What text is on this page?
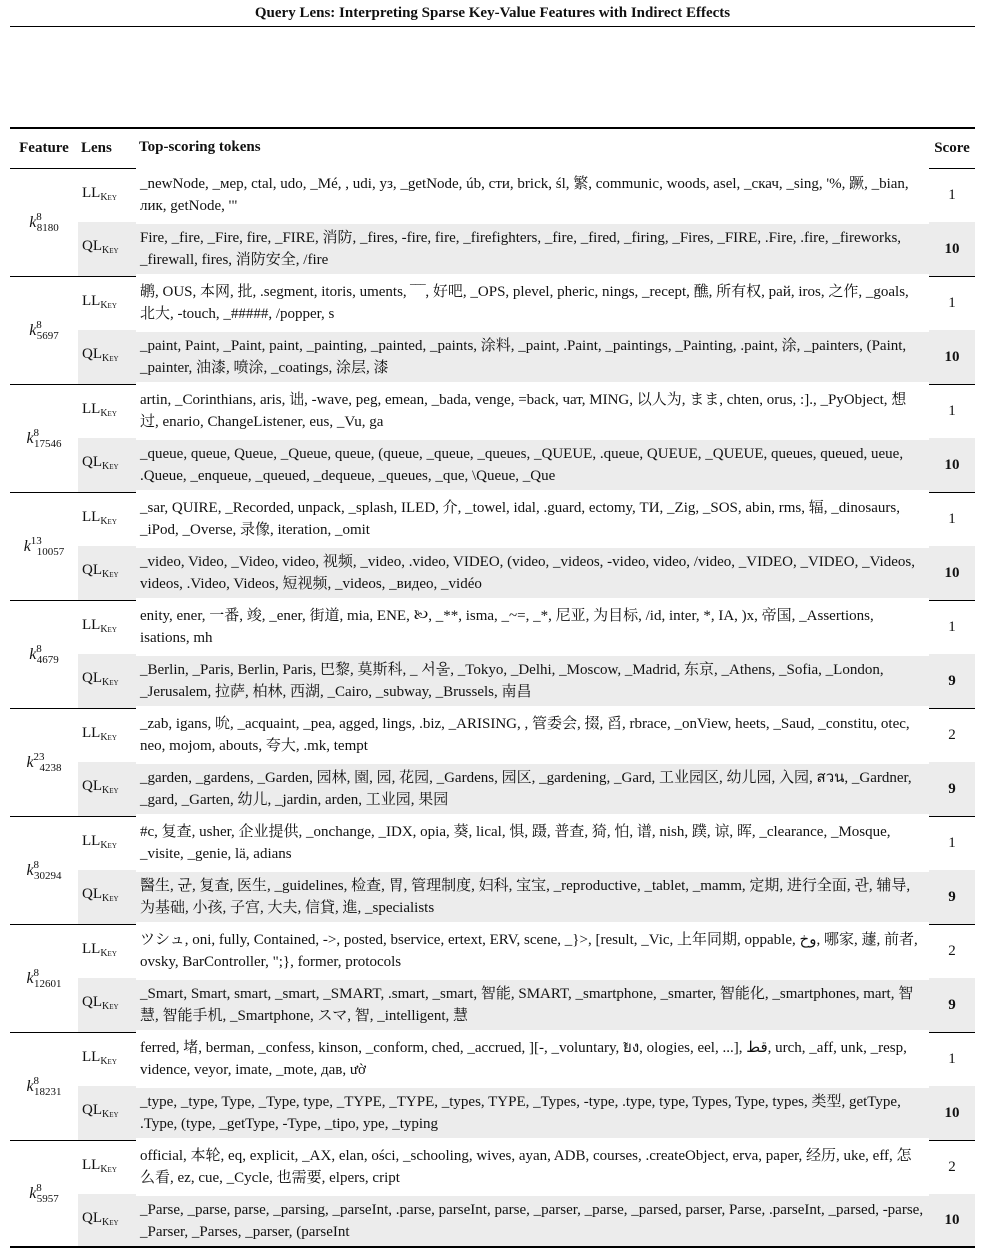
Query Lens: Interpreting Sparse Key-Value Features with Indirect Effects
Feature	Lens	Top-scoring tokens	Score
$k^8_{8180}$	$LL_{Key}$	_newNode, _мер, ctal, udo, _Mé, , udi, уз, _getNode, úb, сти, brick, śl, 繁, communic, woods, asel, _скач, _sing, '%, 蹶, _bian, лик, getNode, '"	1
	$QL_{Key}$	Fire, _fire, _Fire, fire, _FIRE, 消防, _fires, -fire, fire, _firefighters, _fire, _fired, _firing, _Fires, _FIRE, .Fire, .fire, _fireworks, _firewall, fires, 消防安全, /fire	10
$k^8_{5697}$	$LL_{Key}$	鹕, OUS, 本网, 批, .segment, itoris, uments, ‾‾‾, 好吧, _OPS, plevel, pheric, nings, _recept, 醮, 所有权, рай, iros, 之作, _goals, 北大, -touch, _#####, /popper, s	1
	$QL_{Key}$	_paint, Paint, _Paint, paint, _painting, _painted, _paints, 涂料, _paint, .Paint, _paintings, _Painting, .paint, 涂, _painters, (Paint, _painter, 油漆, 喷涂, _coatings, 涂层, 漆	10
$k^8_{17546}$	$LL_{Key}$	artin, _Corinthians, aris, 诎, -wave, peg, emean, _bada, venge, =back, чат, MING, 以人为, まま, chten, orus, :]., _PyObject, 想过, enario, ChangeListener, eus, _Vu, ga	1
	$QL_{Key}$	_queue, queue, Queue, _Queue, queue, (queue, _queue, _queues, _QUEUE, .queue, QUEUE, _QUEUE, queues, queued, ueue, .Queue, _enqueue, _queued, _dequeue, _queues, _que, \Queue, _Que	10
$k^{13}_{10057}$	$LL_{Key}$	_sar, QUIRE, _Recorded, unpack, _splash, ILED, 介, _towel, idal, .guard, ectomy, ТИ, _Zig, _SOS, abin, rms, 辐, _dinosaurs, _iPod, _Overse, 录像, iteration, _omit	1
	$QL_{Key}$	_video, Video, _Video, video, 视频, _video, .video, VIDEO, (video, _videos, -video, video, /video, _VIDEO, _VIDEO, _Videos, videos, .Video, Videos, 短视频, _videos, _видео, _vidéo	10
$k^8_{4679}$	$LL_{Key}$	enity, ener, 一番, 竣, _ener, 街道, mia, ENE, 🙠, _**, isma, _~=, _*, 尼亚, 为目标, /id, inter, *, IA, )x, 帝国, _Assertions, isations, mh	1
	$QL_{Key}$	_Berlin, _Paris, Berlin, Paris, 巴黎, 莫斯科, _ 서울, _Tokyo, _Delhi, _Moscow, _Madrid, 东京, _Athens, _Sofia, _London, _Jerusalem, 拉萨, 柏林, 西湖, _Cairo, _subway, _Brussels, 南昌	9
$k^{23}_{4238}$	$LL_{Key}$	_zab, igans, 吮, _acquaint, _pea, agged, lings, .biz, _ARISING, , 管委会, 掇, 舀, rbrace, _onView, heets, _Saud, _constitu, otec, neo, mojom, abouts, 夸大, .mk, tempt	2
	$QL_{Key}$	_garden, _gardens, _Garden, 园林, 園, 园, 花园, _Gardens, 园区, _gardening, _Gard, 工业园区, 幼儿园, 入园, สวน, _Gardner, _gard, _Garten, 幼儿, _jardin, arden, 工业园, 果园	9
$k^8_{30294}$	$LL_{Key}$	#c, 复查, usher, 企业提供, _onchange, _IDX, opia, 葵, lical, 惧, 蹑, 普查, 猗, 怕, 谱, nish, 蹼, 谅, 晖, _clearance, _Mosque, _visite, _genie, lä, adians	1
	$QL_{Key}$	醫生, 균, 复查, 医生, _guidelines, 检查, 胃, 管理制度, 妇科, 宝宝, _reproductive, _tablet, _mamm, 定期, 进行全面, 관, 辅导, 为基础, 小孩, 子宫, 大夫, 信貸, 進, _specialists	9
$k^8_{12601}$	$LL_{Key}$	ツシュ, oni, fully, Contained, ->, posted, bservice, ertext, ERV, scene, _}>, [result, _Vic, 上年同期, oppable, وخ, 哪家, 蘧, 前者, ovsky, BarController, ";}, former, protocols	2
	$QL_{Key}$	_Smart, Smart, smart, _smart, _SMART, .smart, _smart, 智能, SMART, _smartphone, _smarter, 智能化, _smartphones, mart, 智慧, 智能手机, _Smartphone, スマ, 智, _intelligent, 慧	9
$k^8_{18231}$	$LL_{Key}$	ferred, 堵, berman, _confess, kinson, _conform, ched, _accrued, ][-, _voluntary, ̃ยง, ologies, eel, ...], قط, urch, _aff, unk, _resp, vidence, veyor, imate, _mote, дав, ườ	1
	$QL_{Key}$	_type, _type, Type, _Type, type, _TYPE, _TYPE, _types, TYPE, _Types, -type, .type, type, Types, Type, types, 类型, getType, .Type, (type, _getType, -Type, _tipo, ype, _typing	10
$k^8_{5957}$	$LL_{Key}$	official, 本轮, eq, explicit, _AX, elan, ości, _schooling, wives, ayan, ADB, courses, .createObject, erva, paper, 经历, uke, eff, 怎么看, ez, cue, _Cycle, 也需要, elpers, cript	2
	$QL_{Key}$	_Parse, _parse, parse, _parsing, _parseInt, .parse, parseInt, parse, _parser, _parse, _parsed, parser, Parse, .parseInt, _parsed, -parse, _Parser, _Parses, _parser, (parseInt	10
